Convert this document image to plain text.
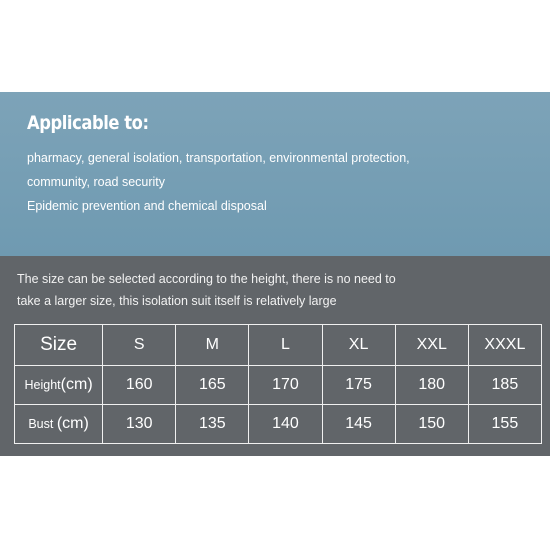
Applicable to:

pharmacy, general isolation, transportation, environmental protection,

community, road security

Epidemic prevention and chemical disposal

The size can be selected according to the height, there is no need to

take a larger size, this isolation suit itself is relatively large

Size	S	M	L	XL	XXL	XXXL
Height(cm)	160	165	170	175	180	185
Bust (cm)	130	135	140	145	150	155
